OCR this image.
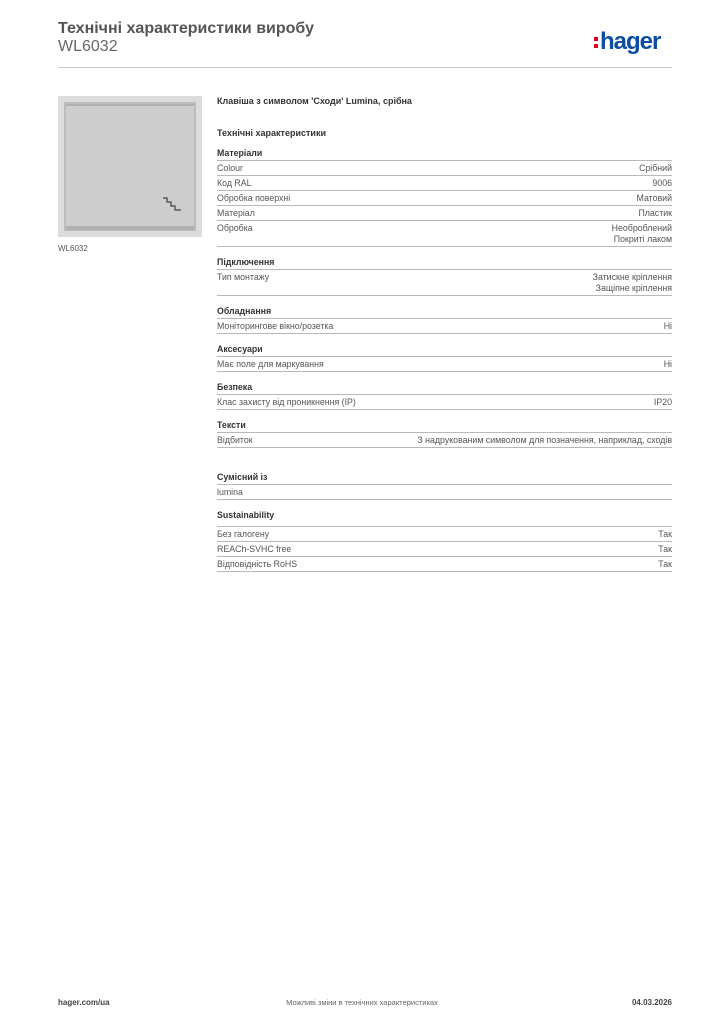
Технічні характеристики виробу
WL6032	hager
WL6032
Клавіша з символом 'Сходи' Lumina, срібна
Технічні характеристики
Матеріали
Colour	Срібний
Код RAL	9006
Обробка поверхні	Матовий
Матеріал	Пластик
Обробка	Необроблений
Покриті лаком
Підключення
Тип монтажу	Затискне кріплення
Защіпне кріплення
Обладнання
Моніторингове вікно/розетка	Ні
Аксесуари
Має поле для маркування	Ні
Безпека
Клас захисту від проникнення (IP)	IP20
Тексти
Відбиток	З надрукованим символом для позначення, наприклад, сходів
Сумісний із
lumina
Sustainability
Без галогену	Так
REACh-SVHC free	Так
Відповідність RoHS	Так
Можливі зміни в технічних характеристиках
hager.com/ua	04.03.2026
